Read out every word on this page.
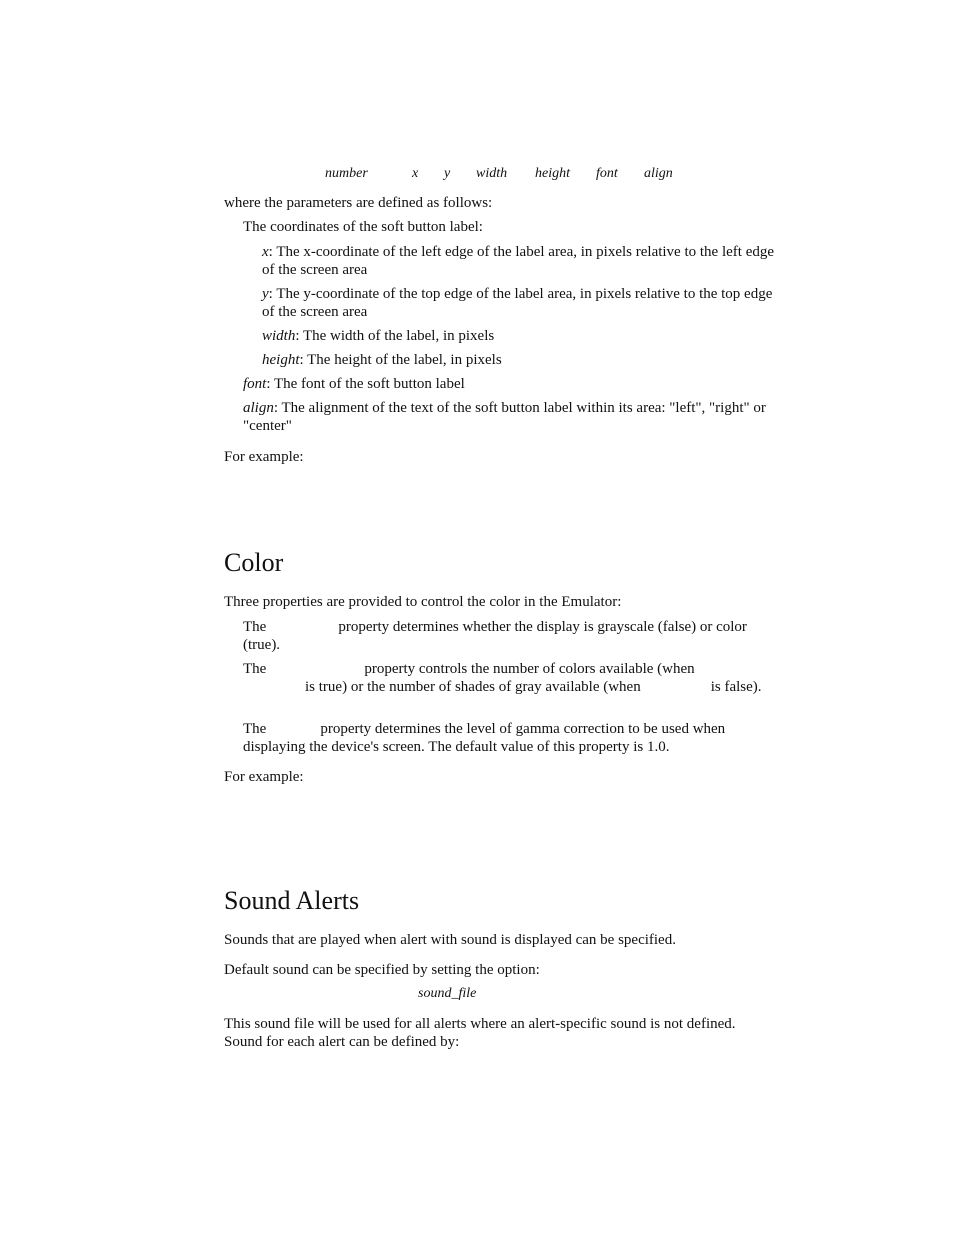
number	x y width height font align

where the parameters are defined as follows:

The coordinates of the soft button label:

x: The x-coordinate of the left edge of the label area, in pixels relative to the left edge of the screen area

y: The y-coordinate of the top edge of the label area, in pixels relative to the top edge of the screen area

width: The width of the label, in pixels

height: The height of the label, in pixels

font: The font of the soft button label

align: The alignment of the text of the soft button label within its area: "left", "right" or "center"

For example:

Color

Three properties are provided to control the color in the Emulator:

The	property determines whether the display is grayscale (false) or color (true).

The	property controls the number of colors available (when
is true) or the number of shades of gray available (when	is false).

The	property determines the level of gamma correction to be used when displaying the device's screen. The default value of this property is 1.0.

For example:

Sound Alerts

Sounds that are played when alert with sound is displayed can be specified.

Default sound can be specified by setting the option:

sound_file

This sound file will be used for all alerts where an alert-specific sound is not defined. Sound for each alert can be defined by:
